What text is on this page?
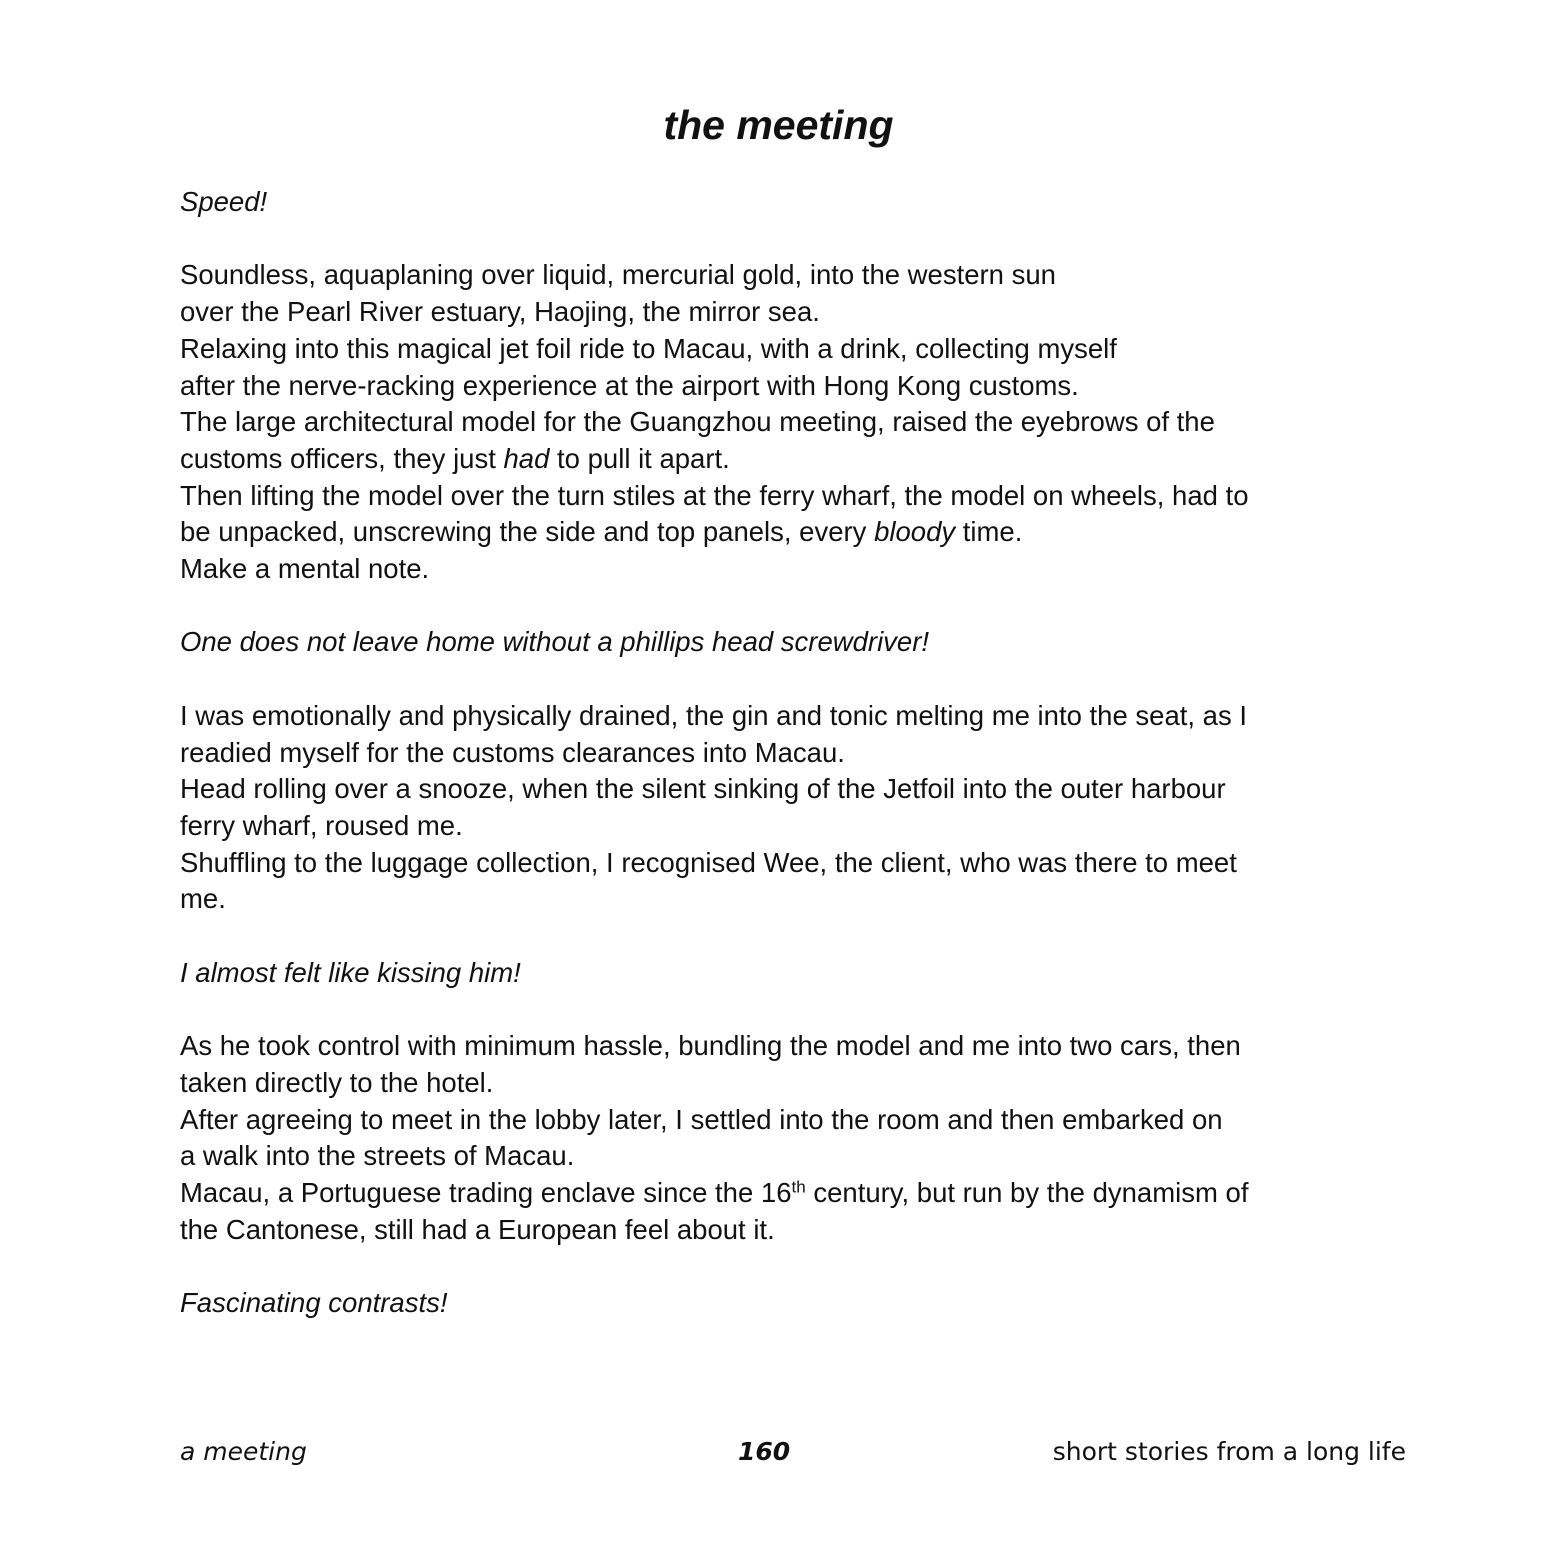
the meeting

Speed!

Soundless, aquaplaning over liquid, mercurial gold, into the western sun

over the Pearl River estuary, Haojing, the mirror sea.

Relaxing into this magical jet foil ride to Macau, with a drink, collecting myself

after the nerve-racking experience at the airport with Hong Kong customs.

The large architectural model for the Guangzhou meeting, raised the eyebrows of the

customs officers, they just had to pull it apart.

Then lifting the model over the turn stiles at the ferry wharf, the model on wheels, had to

be unpacked, unscrewing the side and top panels, every bloody time.

Make a mental note.

One does not leave home without a phillips head screwdriver!

I was emotionally and physically drained, the gin and tonic melting me into the seat, as I

readied myself for the customs clearances into Macau.

Head rolling over a snooze, when the silent sinking of the Jetfoil into the outer harbour

ferry wharf, roused me.

Shuffling to the luggage collection, I recognised Wee, the client, who was there to meet

me.

I almost felt like kissing him!

As he took control with minimum hassle, bundling the model and me into two cars, then

taken directly to the hotel.

After agreeing to meet in the lobby later, I settled into the room and then embarked on

a walk into the streets of Macau.

Macau, a Portuguese trading enclave since the 16th century, but run by the dynamism of

the Cantonese, still had a European feel about it.

Fascinating contrasts!

a meeting	160	short stories from a long life
